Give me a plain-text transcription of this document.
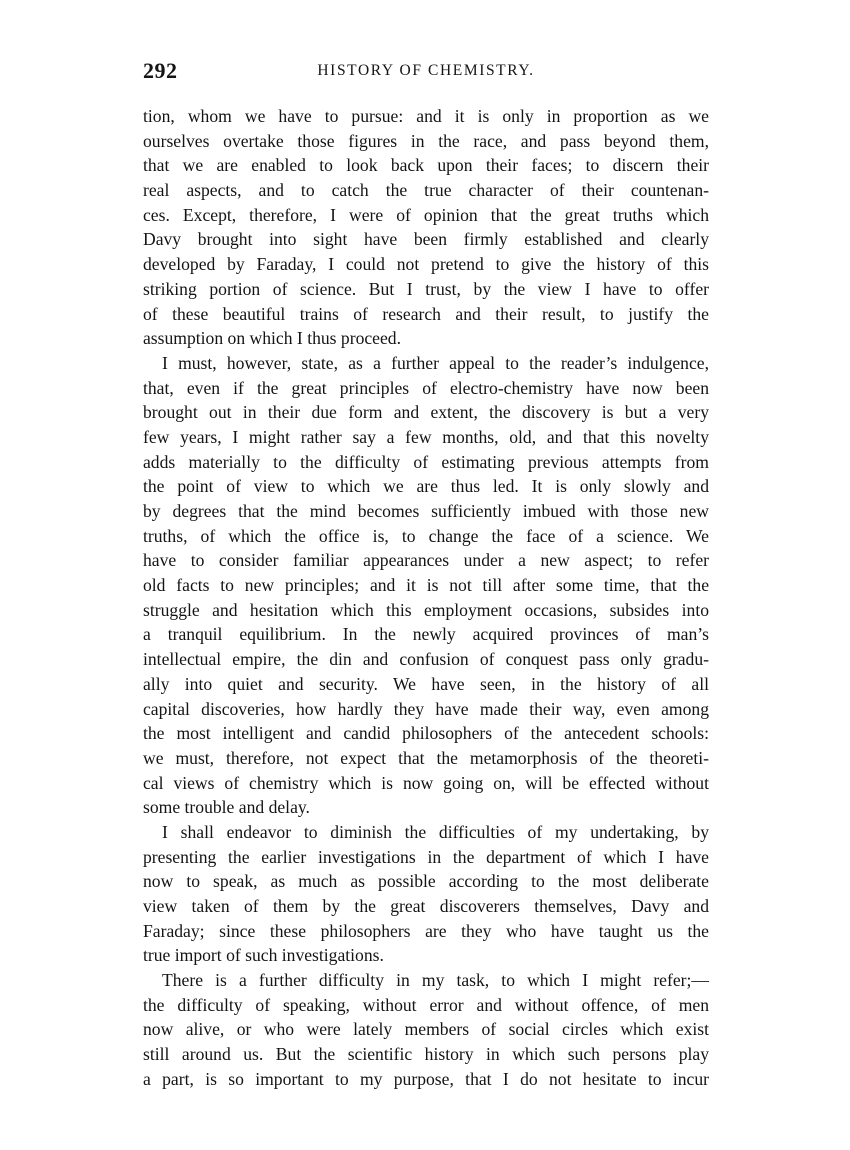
292	HISTORY OF CHEMISTRY.
tion, whom we have to pursue: and it is only in proportion as we
ourselves overtake those figures in the race, and pass beyond them,
that we are enabled to look back upon their faces; to discern their
real aspects, and to catch the true character of their countenan-
ces. Except, therefore, I were of opinion that the great truths which
Davy brought into sight have been firmly established and clearly
developed by Faraday, I could not pretend to give the history of this
striking portion of science. But I trust, by the view I have to offer
of these beautiful trains of research and their result, to justify the
assumption on which I thus proceed.
I must, however, state, as a further appeal to the reader’s indulgence,
that, even if the great principles of electro-chemistry have now been
brought out in their due form and extent, the discovery is but a very
few years, I might rather say a few months, old, and that this novelty
adds materially to the difficulty of estimating previous attempts from
the point of view to which we are thus led. It is only slowly and
by degrees that the mind becomes sufficiently imbued with those new
truths, of which the office is, to change the face of a science. We
have to consider familiar appearances under a new aspect; to refer
old facts to new principles; and it is not till after some time, that the
struggle and hesitation which this employment occasions, subsides into
a tranquil equilibrium. In the newly acquired provinces of man’s
intellectual empire, the din and confusion of conquest pass only gradu-
ally into quiet and security. We have seen, in the history of all
capital discoveries, how hardly they have made their way, even among
the most intelligent and candid philosophers of the antecedent schools:
we must, therefore, not expect that the metamorphosis of the theoreti-
cal views of chemistry which is now going on, will be effected without
some trouble and delay.
I shall endeavor to diminish the difficulties of my undertaking, by
presenting the earlier investigations in the department of which I have
now to speak, as much as possible according to the most deliberate
view taken of them by the great discoverers themselves, Davy and
Faraday; since these philosophers are they who have taught us the
true import of such investigations.
There is a further difficulty in my task, to which I might refer;—
the difficulty of speaking, without error and without offence, of men
now alive, or who were lately members of social circles which exist
still around us. But the scientific history in which such persons play
a part, is so important to my purpose, that I do not hesitate to incur
